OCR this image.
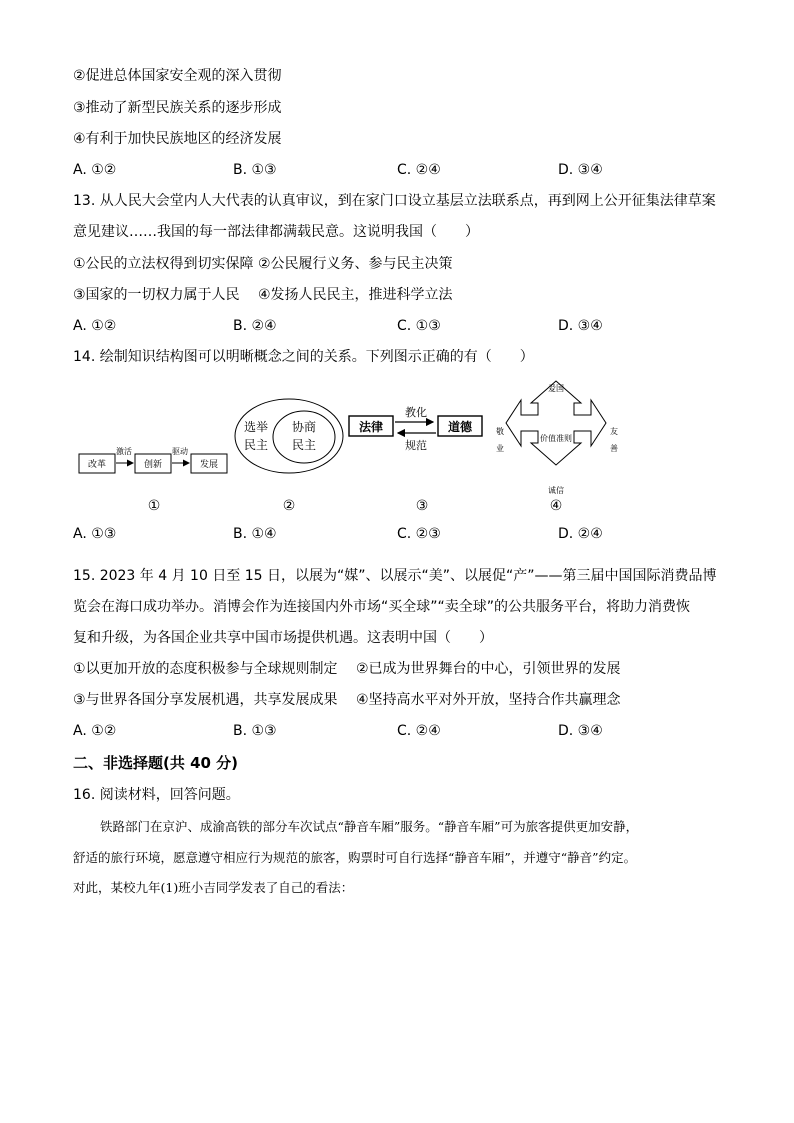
②促进总体国家安全观的深入贯彻
③推动了新型民族关系的逐步形成
④有利于加快民族地区的经济发展
A. ①②	B. ①③	C. ②④	D. ③④
13. 从人民大会堂内人大代表的认真审议，到在家门口设立基层立法联系点，再到网上公开征集法律草案
意见建议……我国的每一部法律都满载民意。这说明我国（　　）
①公民的立法权得到切实保障 ②公民履行义务、参与民主决策
③国家的一切权力属于人民　 ④发扬人民民主，推进科学立法
A. ①②	B. ②④	C. ①③	D. ③④
14. 绘制知识结构图可以明晰概念之间的关系。下列图示正确的有（　　）
改革
激活
创新
驱动
发展
①
选举
民主
协商
民主
②
法律
教化
规范
道德
③
爱国
敬
业
友
善
诚信
价值准则
④
A. ①③	B. ①④	C. ②③	D. ②④
15. 2023 年 4 月 10 日至 15 日，以展为“媒”、以展示“美”、以展促“产”——第三届中国国际消费品博
览会在海口成功举办。消博会作为连接国内外市场“买全球”“卖全球”的公共服务平台，将助力消费恢
复和升级，为各国企业共享中国市场提供机遇。这表明中国（　　）
①以更加开放的态度积极参与全球规则制定　 ②已成为世界舞台的中心，引领世界的发展
③与世界各国分享发展机遇，共享发展成果　 ④坚持高水平对外开放，坚持合作共赢理念
A. ①②	B. ①③	C. ②④	D. ③④
二、非选择题(共 40 分)
16. 阅读材料，回答问题。
铁路部门在京沪、成渝高铁的部分车次试点“静音车厢”服务。“静音车厢”可为旅客提供更加安静，
舒适的旅行环境，愿意遵守相应行为规范的旅客，购票时可自行选择“静音车厢”，并遵守“静音”约定。
对此，某校九年(1)班小吉同学发表了自己的看法：
